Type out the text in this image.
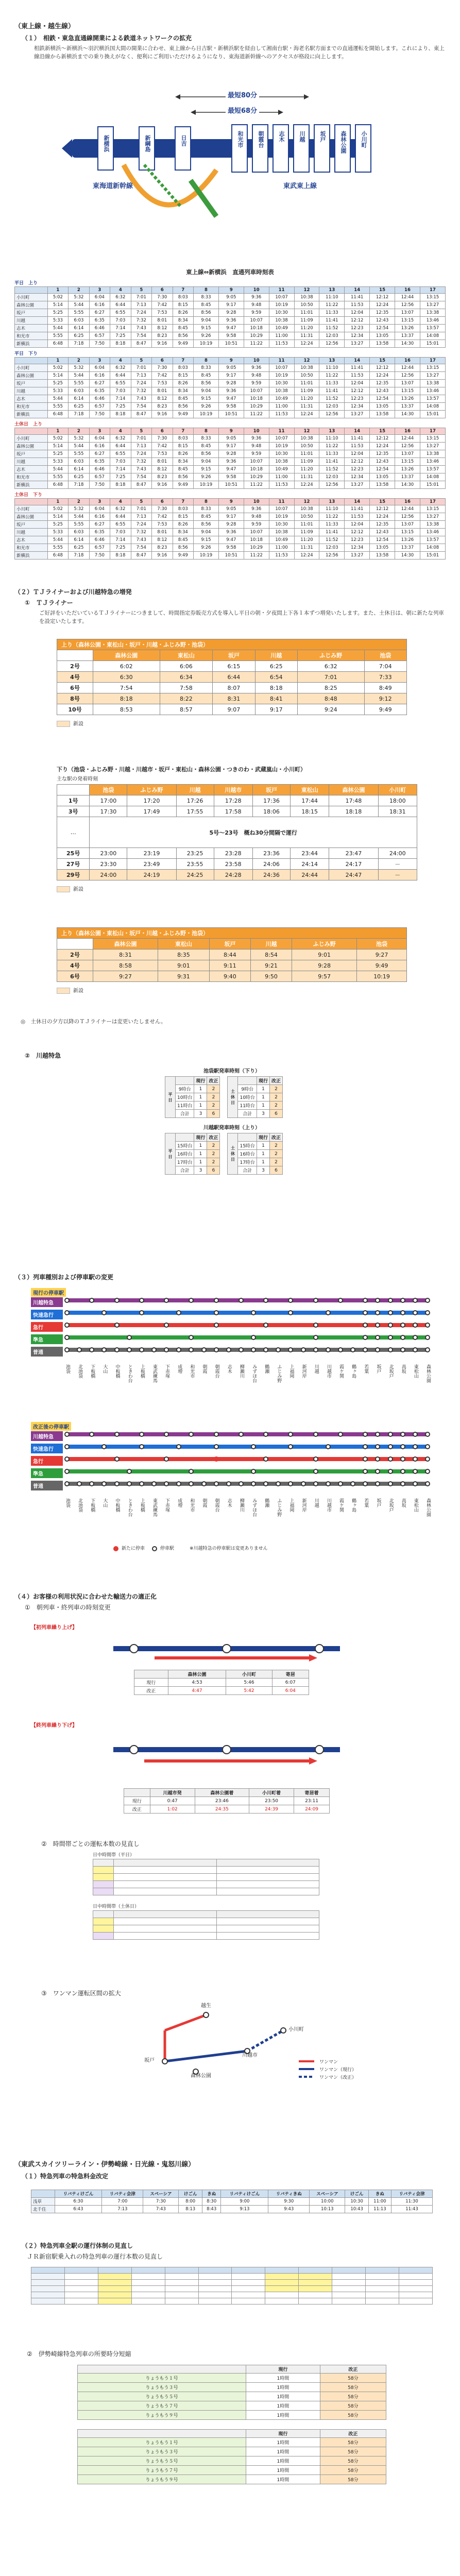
（東上線・越生線）
（１）　相鉄・東急直通線開業による鉄道ネットワークの拡充
相鉄新横浜～新横浜～羽沢横浜国大間の開業に合わせ、東上線から日吉駅・新横浜駅を経由して湘南台駅・海老名駅方面までの直通運転を開始します。これにより、東上線沿線から新横浜までの乗り換えがなく、便利にご利用いただけるようになり、東海道新幹線へのアクセスが格段に向上します。
最短80分
最短68分
新横浜	新綱島	日吉	和光市 朝霞台 志木 川越 坂戸 森林公園 小川町
東海道新幹線	東武東上線
東上線⇔新横浜　直通列車時刻表
平日　上り
	1	2	3	4	5	6	7	8	9	10	11	12	13	14	15	16	17
小川町	5:02	5:32	6:04	6:32	7:01	7:30	8:03	8:33	9:05	9:36	10:07	10:38	11:10	11:41	12:12	12:44	13:15
森林公園	5:14	5:44	6:16	6:44	7:13	7:42	8:15	8:45	9:17	9:48	10:19	10:50	11:22	11:53	12:24	12:56	13:27
坂戸	5:25	5:55	6:27	6:55	7:24	7:53	8:26	8:56	9:28	9:59	10:30	11:01	11:33	12:04	12:35	13:07	13:38
川越	5:33	6:03	6:35	7:03	7:32	8:01	8:34	9:04	9:36	10:07	10:38	11:09	11:41	12:12	12:43	13:15	13:46
志木	5:44	6:14	6:46	7:14	7:43	8:12	8:45	9:15	9:47	10:18	10:49	11:20	11:52	12:23	12:54	13:26	13:57
和光市	5:55	6:25	6:57	7:25	7:54	8:23	8:56	9:26	9:58	10:29	11:00	11:31	12:03	12:34	13:05	13:37	14:08
新横浜	6:48	7:18	7:50	8:18	8:47	9:16	9:49	10:19	10:51	11:22	11:53	12:24	12:56	13:27	13:58	14:30	15:01
平日　下り
	1	2	3	4	5	6	7	8	9	10	11	12	13	14	15	16	17
小川町	5:02	5:32	6:04	6:32	7:01	7:30	8:03	8:33	9:05	9:36	10:07	10:38	11:10	11:41	12:12	12:44	13:15
森林公園	5:14	5:44	6:16	6:44	7:13	7:42	8:15	8:45	9:17	9:48	10:19	10:50	11:22	11:53	12:24	12:56	13:27
坂戸	5:25	5:55	6:27	6:55	7:24	7:53	8:26	8:56	9:28	9:59	10:30	11:01	11:33	12:04	12:35	13:07	13:38
川越	5:33	6:03	6:35	7:03	7:32	8:01	8:34	9:04	9:36	10:07	10:38	11:09	11:41	12:12	12:43	13:15	13:46
志木	5:44	6:14	6:46	7:14	7:43	8:12	8:45	9:15	9:47	10:18	10:49	11:20	11:52	12:23	12:54	13:26	13:57
和光市	5:55	6:25	6:57	7:25	7:54	8:23	8:56	9:26	9:58	10:29	11:00	11:31	12:03	12:34	13:05	13:37	14:08
新横浜	6:48	7:18	7:50	8:18	8:47	9:16	9:49	10:19	10:51	11:22	11:53	12:24	12:56	13:27	13:58	14:30	15:01
土休日　上り
	1	2	3	4	5	6	7	8	9	10	11	12	13	14	15	16	17
小川町	5:02	5:32	6:04	6:32	7:01	7:30	8:03	8:33	9:05	9:36	10:07	10:38	11:10	11:41	12:12	12:44	13:15
森林公園	5:14	5:44	6:16	6:44	7:13	7:42	8:15	8:45	9:17	9:48	10:19	10:50	11:22	11:53	12:24	12:56	13:27
坂戸	5:25	5:55	6:27	6:55	7:24	7:53	8:26	8:56	9:28	9:59	10:30	11:01	11:33	12:04	12:35	13:07	13:38
川越	5:33	6:03	6:35	7:03	7:32	8:01	8:34	9:04	9:36	10:07	10:38	11:09	11:41	12:12	12:43	13:15	13:46
志木	5:44	6:14	6:46	7:14	7:43	8:12	8:45	9:15	9:47	10:18	10:49	11:20	11:52	12:23	12:54	13:26	13:57
和光市	5:55	6:25	6:57	7:25	7:54	8:23	8:56	9:26	9:58	10:29	11:00	11:31	12:03	12:34	13:05	13:37	14:08
新横浜	6:48	7:18	7:50	8:18	8:47	9:16	9:49	10:19	10:51	11:22	11:53	12:24	12:56	13:27	13:58	14:30	15:01
土休日　下り
	1	2	3	4	5	6	7	8	9	10	11	12	13	14	15	16	17
小川町	5:02	5:32	6:04	6:32	7:01	7:30	8:03	8:33	9:05	9:36	10:07	10:38	11:10	11:41	12:12	12:44	13:15
森林公園	5:14	5:44	6:16	6:44	7:13	7:42	8:15	8:45	9:17	9:48	10:19	10:50	11:22	11:53	12:24	12:56	13:27
坂戸	5:25	5:55	6:27	6:55	7:24	7:53	8:26	8:56	9:28	9:59	10:30	11:01	11:33	12:04	12:35	13:07	13:38
川越	5:33	6:03	6:35	7:03	7:32	8:01	8:34	9:04	9:36	10:07	10:38	11:09	11:41	12:12	12:43	13:15	13:46
志木	5:44	6:14	6:46	7:14	7:43	8:12	8:45	9:15	9:47	10:18	10:49	11:20	11:52	12:23	12:54	13:26	13:57
和光市	5:55	6:25	6:57	7:25	7:54	8:23	8:56	9:26	9:58	10:29	11:00	11:31	12:03	12:34	13:05	13:37	14:08
新横浜	6:48	7:18	7:50	8:18	8:47	9:16	9:49	10:19	10:51	11:22	11:53	12:24	12:56	13:27	13:58	14:30	15:01
（２）ＴＪライナーおよび川越特急の増発
①　ＴＪライナー
ご好評をいただいているＴＪライナーにつきまして、時間指定券販売方式を導入し平日の朝・夕夜間上下各１本ずつ増発いたします。また、土休日は、朝に新たな列車を設定いたします。
上り（森林公園・東松山・坂戸・川越・ふじみ野・池袋）						
	森林公園	東松山	坂戸	川越	ふじみ野	池袋
2号	6:02	6:06	6:15	6:25	6:32	7:04
4号	6:30	6:34	6:44	6:54	7:01	7:33
6号	7:54	7:58	8:07	8:18	8:25	8:49
8号	8:18	8:22	8:31	8:41	8:48	9:12
10号	8:53	8:57	9:07	9:17	9:24	9:49
新設
下り（池袋・ふじみ野・川越・川越市・坂戸・東松山・森林公園・つきのわ・武蔵嵐山・小川町）
主な駅の発着時刻
	池袋	ふじみ野	川越	川越市	坂戸	東松山	森林公園	小川町
1号	17:00	17:20	17:26	17:28	17:36	17:44	17:48	18:00
3号	17:30	17:49	17:55	17:58	18:06	18:15	18:18	18:31
…	5号～23号　概ね30分間隔で運行							
25号	23:00	23:19	23:25	23:28	23:36	23:44	23:47	24:00
27号	23:30	23:49	23:55	23:58	24:06	24:14	24:17	－
29号	24:00	24:19	24:25	24:28	24:36	24:44	24:47	－
新設
上り（森林公園・東松山・坂戸・川越・ふじみ野・池袋）						
	森林公園	東松山	坂戸	川越	ふじみ野	池袋
2号	8:31	8:35	8:44	8:54	9:01	9:27
4号	8:58	9:01	9:11	9:21	9:28	9:49
6号	9:27	9:31	9:40	9:50	9:57	10:19
新設
◎　土休日の夕方以降のＴＪライナーは変更いたしません。
②　川越特急
池袋駅発車時刻（下り）
平日		現行	改正
	9時台	1	2
	10時台	1	2
	11時台	1	2
	合計	3	6
土休日		現行	改正
	9時台	1	2
	10時台	1	2
	11時台	1	2
	合計	3	6
川越駅発車時刻（上り）
平日		現行	改正
	15時台	1	2
	16時台	1	2
	17時台	1	2
	合計	3	6
土休日		現行	改正
	15時台	1	2
	16時台	1	2
	17時台	1	2
	合計	3	6
（３）列車種別および停車駅の変更
現行の停車駅
川越特急
快速急行
急行
準急
普通
池袋 北池袋 下板橋 大山 中板橋 ときわ台 上板橋 東武練馬 下赤塚 成増 和光市 朝霞 朝霞台 志木 柳瀬川 みずほ台 鶴瀬 ふじみ野 上福岡 新河岸 川越 川越市 霞ケ関 鶴ヶ島 若葉 坂戸 北坂戸 高坂 東松山 森林公園
改正後の停車駅
川越特急
快速急行
急行
準急
普通
池袋 北池袋 下板橋 大山 中板橋 ときわ台 上板橋 東武練馬 下赤塚 成増 和光市 朝霞 朝霞台 志木 柳瀬川 みずほ台 鶴瀬 ふじみ野 上福岡 新河岸 川越 川越市 霞ケ関 鶴ヶ島 若葉 坂戸 北坂戸 高坂 東松山 森林公園
新たに停車	停車駅	※川越特急の停車駅は変更ありません
（４）お客様の利用状況に合わせた輸送力の適正化
①　朝列車・終列車の時刻変更
【初列車繰り上げ】
	森林公園	小川町	寄居
現行	4:53	5:46	6:07
改正	4:47	5:42	6:04
【終列車繰り下げ】
	川越市発	森林公園着	小川町着	寄居着
現行	0:47	23:46	23:50	23:11
改正	1:02	24:35	24:39	24:09
②　時間帯ごとの運転本数の見直し
日中時間帯（平日）

日中時間帯（土休日）

③　ワンマン運転区間の拡大
越生
坂戸
川越市
小川町
森林公園
ワンマン
ワンマン（現行）
ワンマン（改正）
（東武スカイツリーライン・伊勢崎線・日光線・鬼怒川線）
（１）特急列車の特急料金改定
	リバティけごん	リバティ会津	スペーシア	けごん	きぬ	リバティけごん	リバティきぬ	スペーシア	けごん	きぬ	リバティ会津
浅草	6:30	7:00	7:30	8:00	8:30	9:00	9:30	10:00	10:30	11:00	11:30
北千住	6:43	7:13	7:43	8:13	8:43	9:13	9:43	10:13	10:43	11:13	11:43
（２）特急列車全駅の運行体制の見直し
ＪＲ新宿駅乗入れの特急列車の運行本数の見直し

②　伊勢崎線特急列車の所要時分短縮
	現行	改正
りょうもう１号	1時間	58分
りょうもう３号	1時間	58分
りょうもう５号	1時間	58分
りょうもう７号	1時間	58分
りょうもう９号	1時間	58分
	現行	改正
りょうもう１号	1時間	58分
りょうもう３号	1時間	58分
りょうもう５号	1時間	58分
りょうもう７号	1時間	58分
りょうもう９号	1時間	58分
